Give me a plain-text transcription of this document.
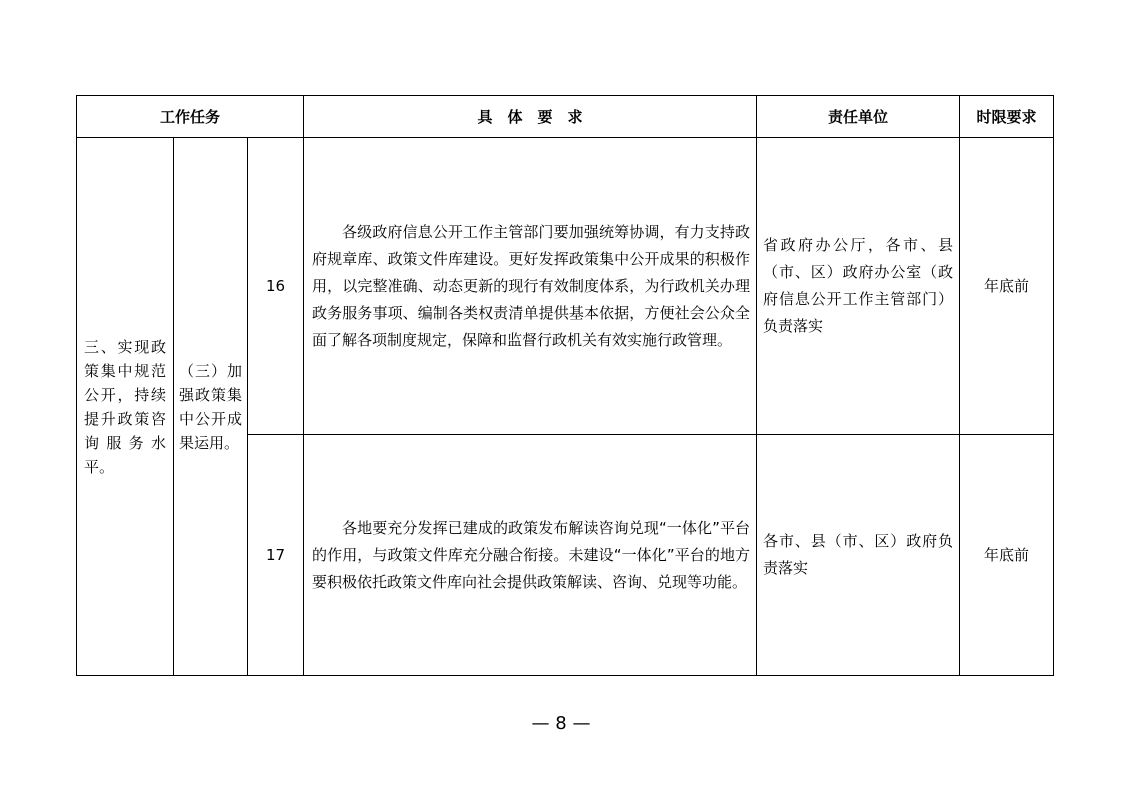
工作任务			具　体　要　求	责任单位	时限要求
三、实现政策集中规范公开，持续提升政策咨询服务水平。	（三）加强政策集中公开成果运用。	16	各级政府信息公开工作主管部门要加强统筹协调，有力支持政府规章库、政策文件库建设。更好发挥政策集中公开成果的积极作用，以完整准确、动态更新的现行有效制度体系，为行政机关办理政务服务事项、编制各类权责清单提供基本依据，方便社会公众全面了解各项制度规定，保障和监督行政机关有效实施行政管理。	省政府办公厅，各市、县（市、区）政府办公室（政府信息公开工作主管部门）负责落实	年底前
		17	各地要充分发挥已建成的政策发布解读咨询兑现“一体化”平台的作用，与政策文件库充分融合衔接。未建设“一体化”平台的地方要积极依托政策文件库向社会提供政策解读、咨询、兑现等功能。	各市、县（市、区）政府负责落实	年底前
— 8 —
